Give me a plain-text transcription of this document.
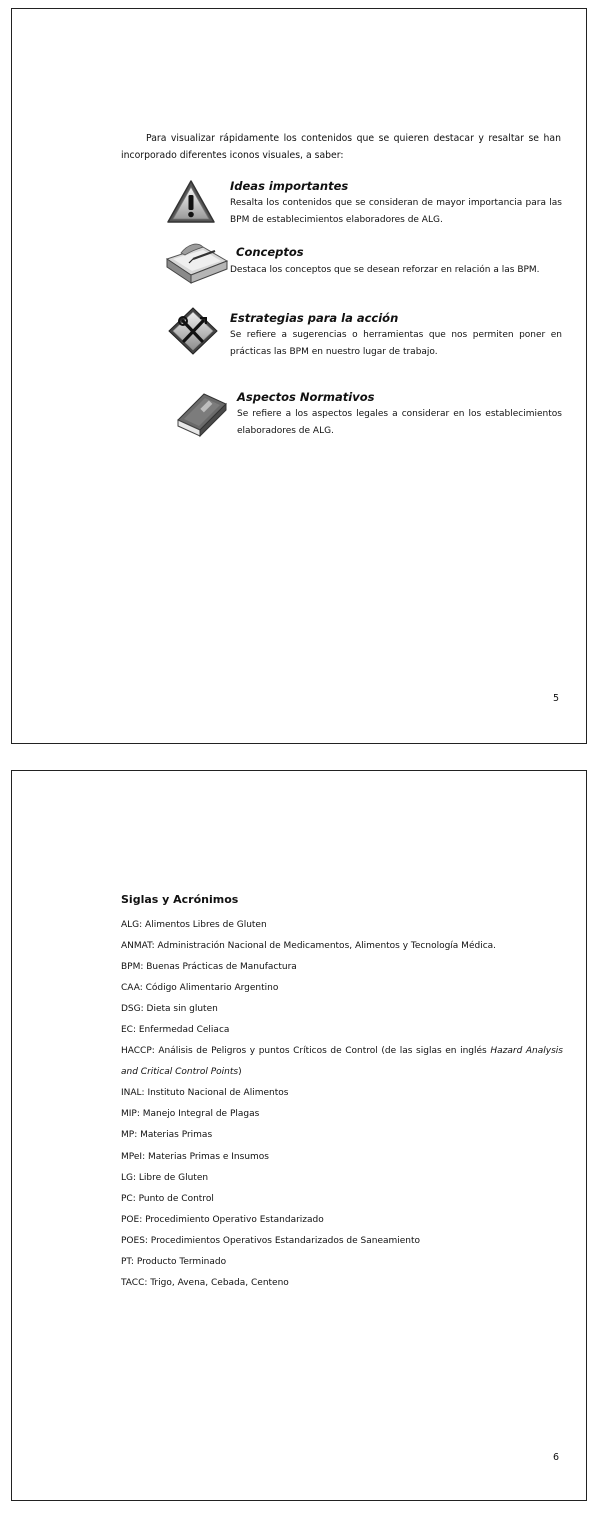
Para visualizar rápidamente los contenidos que se quieren destacar y resaltar se han incorporado diferentes iconos visuales, a saber:

Ideas importantes

Resalta los contenidos que se consideran de mayor importancia para las BPM de establecimientos elaboradores de ALG.

Conceptos

Destaca los conceptos que se desean reforzar en relación a las BPM.

Estrategias para la acción

Se refiere a sugerencias o herramientas que nos permiten poner en prácticas las BPM en nuestro lugar de trabajo.

Aspectos Normativos

Se refiere a los aspectos legales a considerar en los establecimientos elaboradores de ALG.

5

Siglas y Acrónimos

ALG: Alimentos Libres de Gluten
ANMAT: Administración Nacional de Medicamentos, Alimentos y Tecnología Médica.
BPM: Buenas Prácticas de Manufactura
CAA: Código Alimentario Argentino
DSG: Dieta sin gluten
EC: Enfermedad Celiaca
HACCP: Análisis de Peligros y puntos Críticos de Control (de las siglas en inglés Hazard Analysis and Critical Control Points)
INAL: Instituto Nacional de Alimentos
MIP: Manejo Integral de Plagas
MP: Materias Primas
MPeI: Materias Primas e Insumos
LG: Libre de Gluten
PC: Punto de Control
POE: Procedimiento Operativo Estandarizado
POES: Procedimientos Operativos Estandarizados de Saneamiento
PT: Producto Terminado
TACC: Trigo, Avena, Cebada, Centeno
6
